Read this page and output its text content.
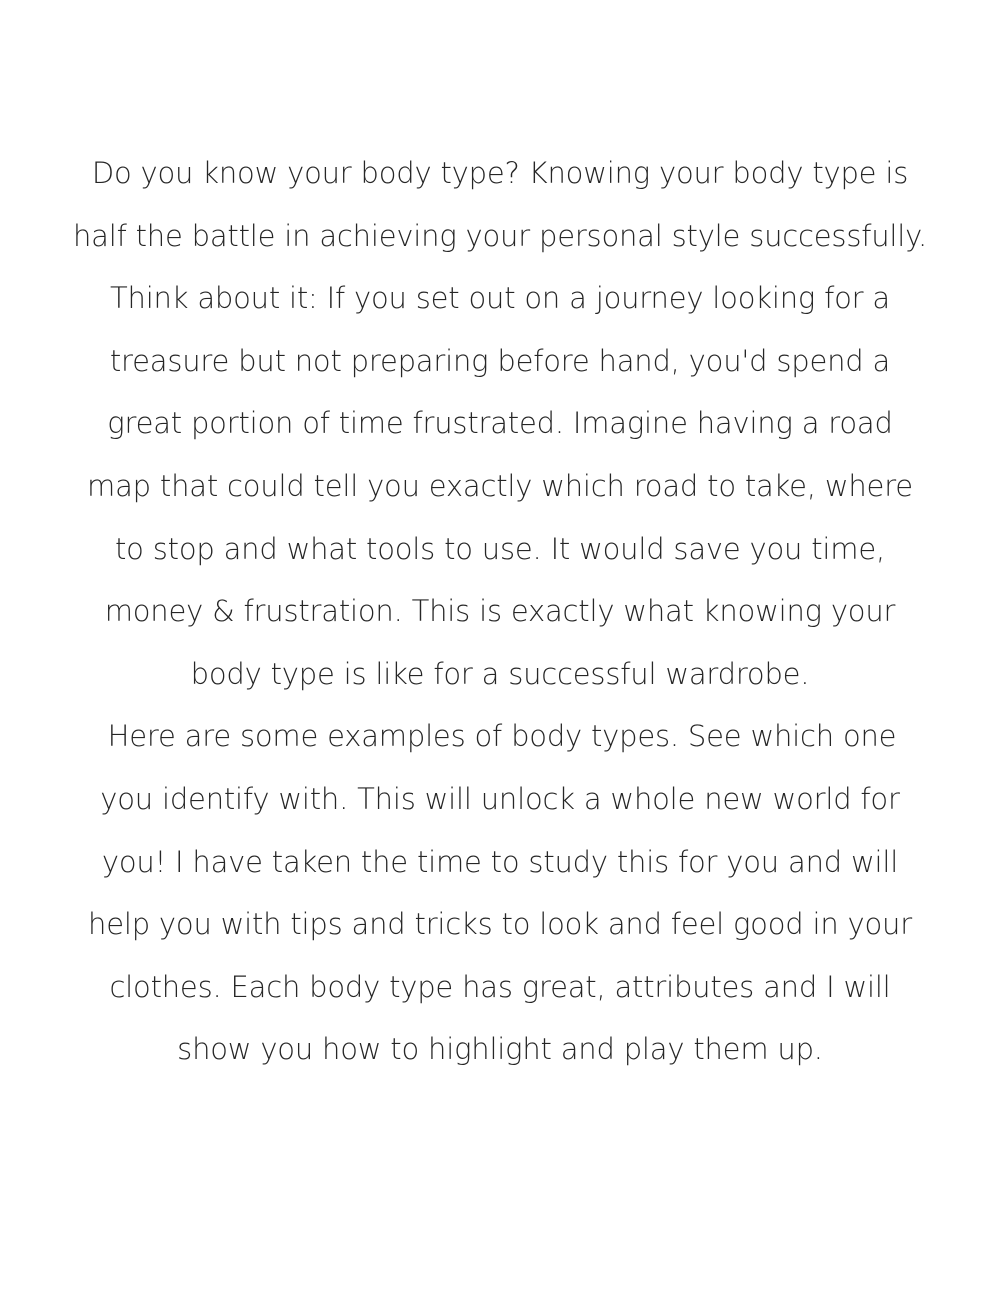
Do you know your body type? Knowing your body type is
half the battle in achieving your personal style successfully.
Think about it: If you set out on a journey looking for a
treasure but not preparing before hand, you'd spend a
great portion of time frustrated. Imagine having a road
map that could tell you exactly which road to take, where
to stop and what tools to use. It would save you time,
money & frustration. This is exactly what knowing your
body type is like for a successful wardrobe.
Here are some examples of body types. See which one
you identify with. This will unlock a whole new world for
you! I have taken the time to study this for you and will
help you with tips and tricks to look and feel good in your
clothes. Each body type has great, attributes and I will
show you how to highlight and play them up.
